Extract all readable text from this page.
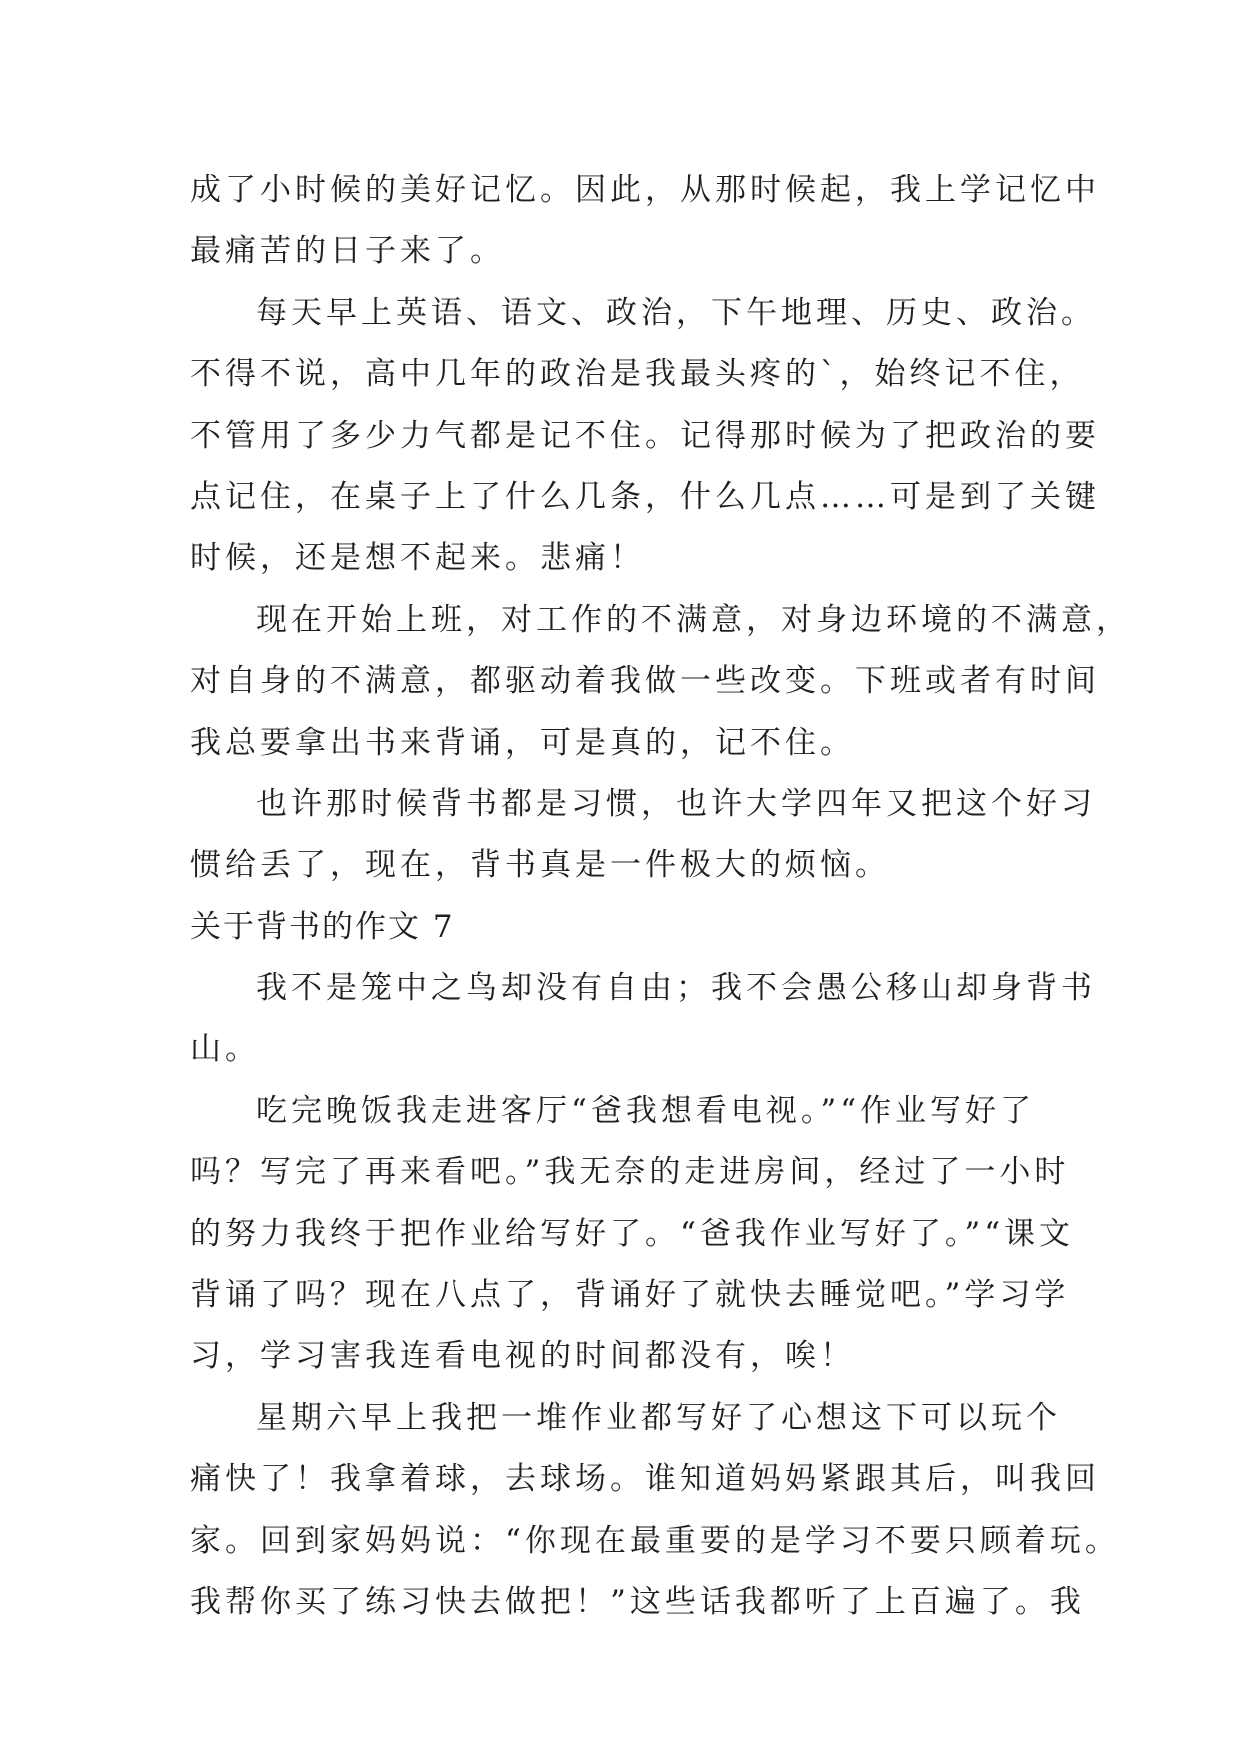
成了小时候的美好记忆。因此，从那时候起，我上学记忆中
最痛苦的日子来了。
每天早上英语、语文、政治，下午地理、历史、政治。
不得不说，高中几年的政治是我最头疼的`，始终记不住，
不管用了多少力气都是记不住。记得那时候为了把政治的要
点记住，在桌子上了什么几条，什么几点……可是到了关键
时候，还是想不起来。悲痛！
现在开始上班，对工作的不满意，对身边环境的不满意，
对自身的不满意，都驱动着我做一些改变。下班或者有时间
我总要拿出书来背诵，可是真的，记不住。
也许那时候背书都是习惯，也许大学四年又把这个好习
惯给丢了，现在，背书真是一件极大的烦恼。
关于背书的作文 7
我不是笼中之鸟却没有自由；我不会愚公移山却身背书
山。
吃完晚饭我走进客厅“爸我想看电视。”“作业写好了
吗？写完了再来看吧。”我无奈的走进房间，经过了一小时
的努力我终于把作业给写好了。“爸我作业写好了。”“课文
背诵了吗？现在八点了，背诵好了就快去睡觉吧。”学习学
习，学习害我连看电视的时间都没有，唉！
星期六早上我把一堆作业都写好了心想这下可以玩个
痛快了！我拿着球，去球场。谁知道妈妈紧跟其后，叫我回
家。回到家妈妈说：“你现在最重要的是学习不要只顾着玩。
我帮你买了练习快去做把！”这些话我都听了上百遍了。我
